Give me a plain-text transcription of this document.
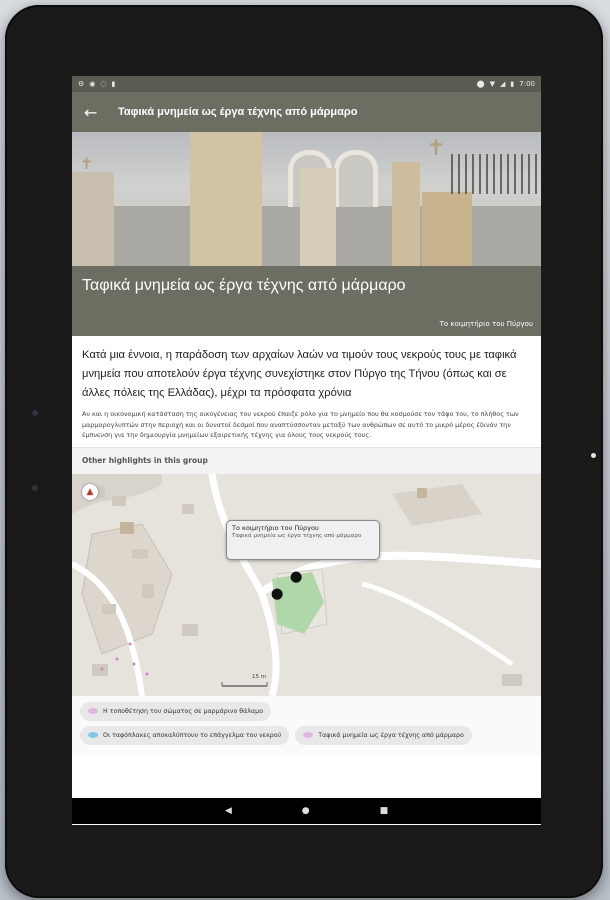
⚙ ◉ ◌ ▮	⬤ ▼ ◢ ▮ 7:00
←	Ταφικά μνημεία ως έργα τέχνης από μάρμαρο
✝
✝
Ταφικά μνημεία ως έργα τέχνης από μάρμαρο
Το κοιμητήριο του Πύργου
Κατά μια έννοια, η παράδοση των αρχαίων λαών να τιμούν τους νεκρούς τους με ταφικά μνημεία που αποτελούν έργα τέχνης συνεχίστηκε στον Πύργο της Τήνου (όπως και σε άλλες πόλεις της Ελλάδας), μέχρι τα πρόσφατα χρόνια
Αν και η οικονομική κατάσταση της οικογένειας του νεκρού έπαιζε ρόλο για το μνημείο που θα κοσμούσε τον τάφο του, το πλήθος των μαρμαρογλυπτών στην περιοχή και οι δυνατοί δεσμοί που αναπτύσσονταν μεταξύ των ανθρώπων σε αυτό το μικρό μέρος έδινάν την έμπνευση για την δημιουργία μνημείων εξαιρετικής τέχνης για όλους τους νεκρούς τους.
Other highlights in this group
▲
Το κοιμητήριο του Πύργου
Ταφικά μνημεία ως έργα τέχνης από μάρμαρο
⬤
⬤
15 m
Η τοποθέτηση του σώματος σε μαρμάρινο θάλαμο
Οι ταφόπλακες αποκαλύπτουν το επάγγελμα του νεκρού	Ταφικά μνημεία ως έργα τέχνης από μάρμαρο
◀	●	■
